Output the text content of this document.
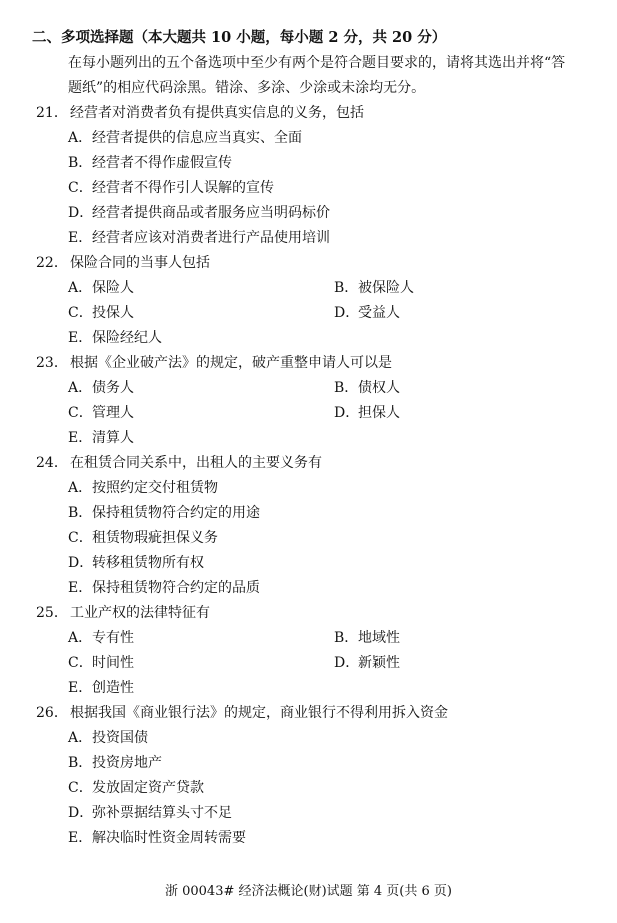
二、多项选择题（本大题共 10 小题，每小题 2 分，共 20 分）
在每小题列出的五个备选项中至少有两个是符合题目要求的，请将其选出并将“答
题纸”的相应代码涂黑。错涂、多涂、少涂或未涂均无分。
21． 经营者对消费者负有提供真实信息的义务，包括
A．经营者提供的信息应当真实、全面
B．经营者不得作虚假宣传
C．经营者不得作引人误解的宣传
D．经营者提供商品或者服务应当明码标价
E．经营者应该对消费者进行产品使用培训
22． 保险合同的当事人包括
A．保险人	B．被保险人
C．投保人	D．受益人
E．保险经纪人
23． 根据《企业破产法》的规定，破产重整申请人可以是
A．债务人	B．债权人
C．管理人	D．担保人
E．清算人
24． 在租赁合同关系中，出租人的主要义务有
A．按照约定交付租赁物
B．保持租赁物符合约定的用途
C．租赁物瑕疵担保义务
D．转移租赁物所有权
E．保持租赁物符合约定的品质
25． 工业产权的法律特征有
A．专有性	B．地域性
C．时间性	D．新颖性
E．创造性
26． 根据我国《商业银行法》的规定，商业银行不得利用拆入资金
A．投资国债
B．投资房地产
C．发放固定资产贷款
D．弥补票据结算头寸不足
E．解决临时性资金周转需要
浙 00043# 经济法概论(财)试题 第 4 页(共 6 页)
